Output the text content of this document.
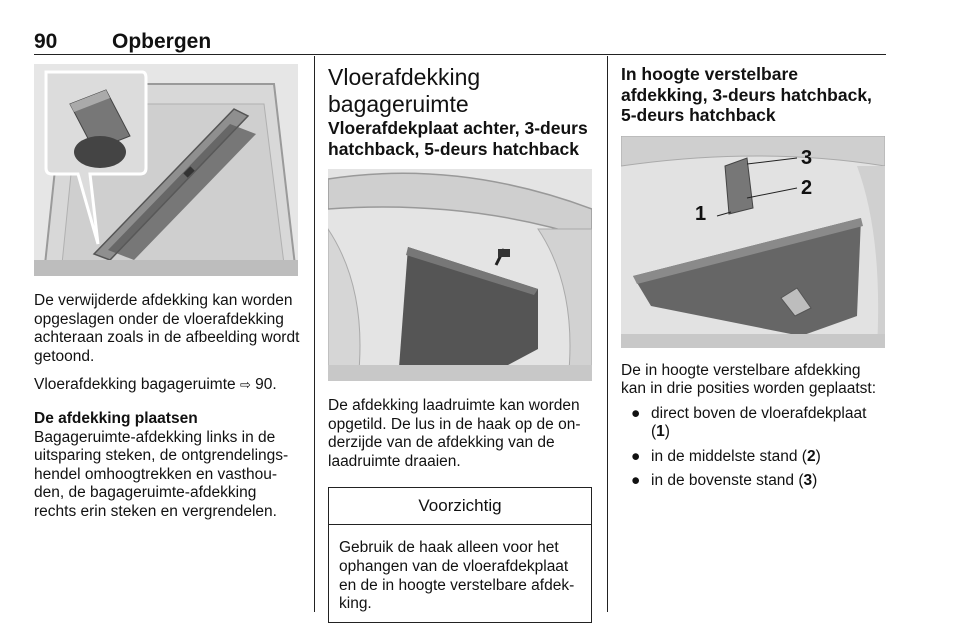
90	Opbergen

De verwijderde afdekking kan worden opgeslagen onder de vloerafdekking achteraan zoals in de afbeelding wordt getoond.

Vloerafdekking bagageruimte ⇨ 90.

De afdekking plaatsen

Bagageruimte-afdekking links in de uitsparing steken, de ontgrendelings-hendel omhoogtrekken en vasthou-den, de bagageruimte-afdekking rechts erin steken en vergrendelen.

Vloerafdekking bagageruimte
Vloerafdekplaat achter, 3-deurs hatchback, 5-deurs hatchback

De afdekking laadruimte kan worden opgetild. De lus in de haak op de on-derzijde van de afdekking van de laadruimte draaien.

Voorzichtig

Gebruik de haak alleen voor het ophangen van de vloerafdekplaat en de in hoogte verstelbare afdek-king.

In hoogte verstelbare afdekking, 3-deurs hatchback, 5-deurs hatchback
1
2
3

De in hoogte verstelbare afdekking kan in drie posities worden geplaatst:

● direct boven de vloerafdekplaat (1)
● in de middelste stand (2)
● in de bovenste stand (3)
